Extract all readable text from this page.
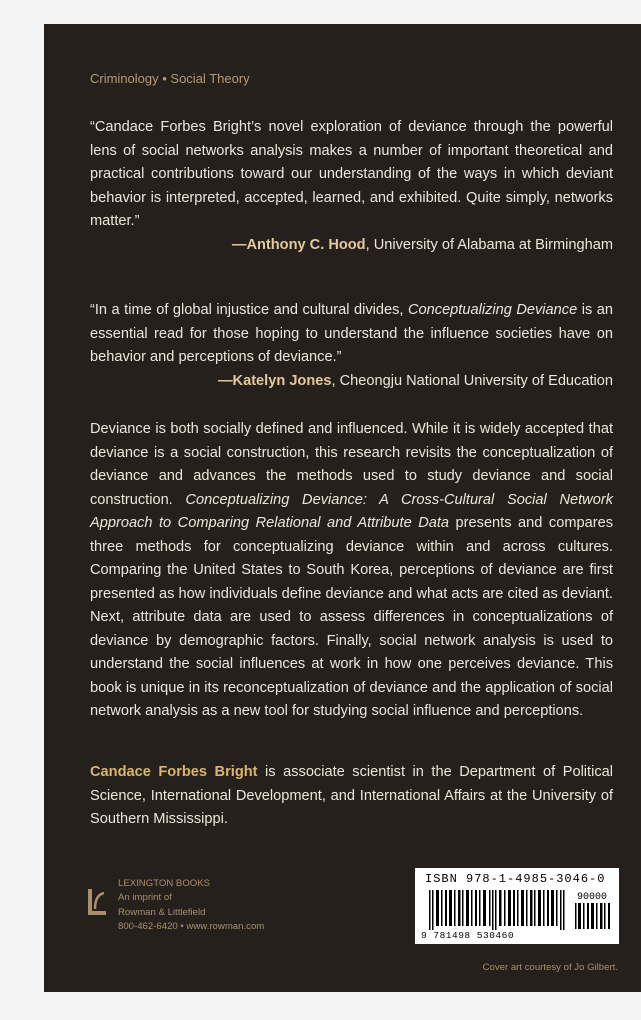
Criminology • Social Theory
“Candace Forbes Bright’s novel exploration of deviance through the powerful lens of social networks analysis makes a number of important theoretical and practical contributions toward our understanding of the ways in which deviant behavior is interpreted, accepted, learned, and exhibited. Quite simply, networks matter.”
—Anthony C. Hood, University of Alabama at Birmingham
“In a time of global injustice and cultural divides, Conceptualizing Deviance is an essential read for those hoping to understand the influence societies have on behavior and perceptions of deviance.”
—Katelyn Jones, Cheongju National University of Education
Deviance is both socially defined and influenced. While it is widely accepted that deviance is a social construction, this research revisits the conceptualization of deviance and advances the methods used to study deviance and social construction. Conceptualizing Deviance: A Cross-Cultural Social Network Approach to Comparing Relational and Attribute Data presents and compares three methods for conceptualizing deviance within and across cultures. Comparing the United States to South Korea, perceptions of deviance are first presented as how individuals define deviance and what acts are cited as deviant. Next, attribute data are used to assess differences in conceptualizations of deviance by demographic factors. Finally, social network analysis is used to understand the social influences at work in how one perceives deviance. This book is unique in its reconceptualization of deviance and the application of social network analysis as a new tool for studying social influence and perceptions.
Candace Forbes Bright is associate scientist in the Department of Political Science, International Development, and International Affairs at the University of Southern Mississippi.
LEXINGTON BOOKS
An imprint of
Rowman & Littlefield
800-462-6420 • www.rowman.com
ISBN 978-1-4985-3046-0
90000
9 781498 530460
Cover art courtesy of Jo Gilbert.
